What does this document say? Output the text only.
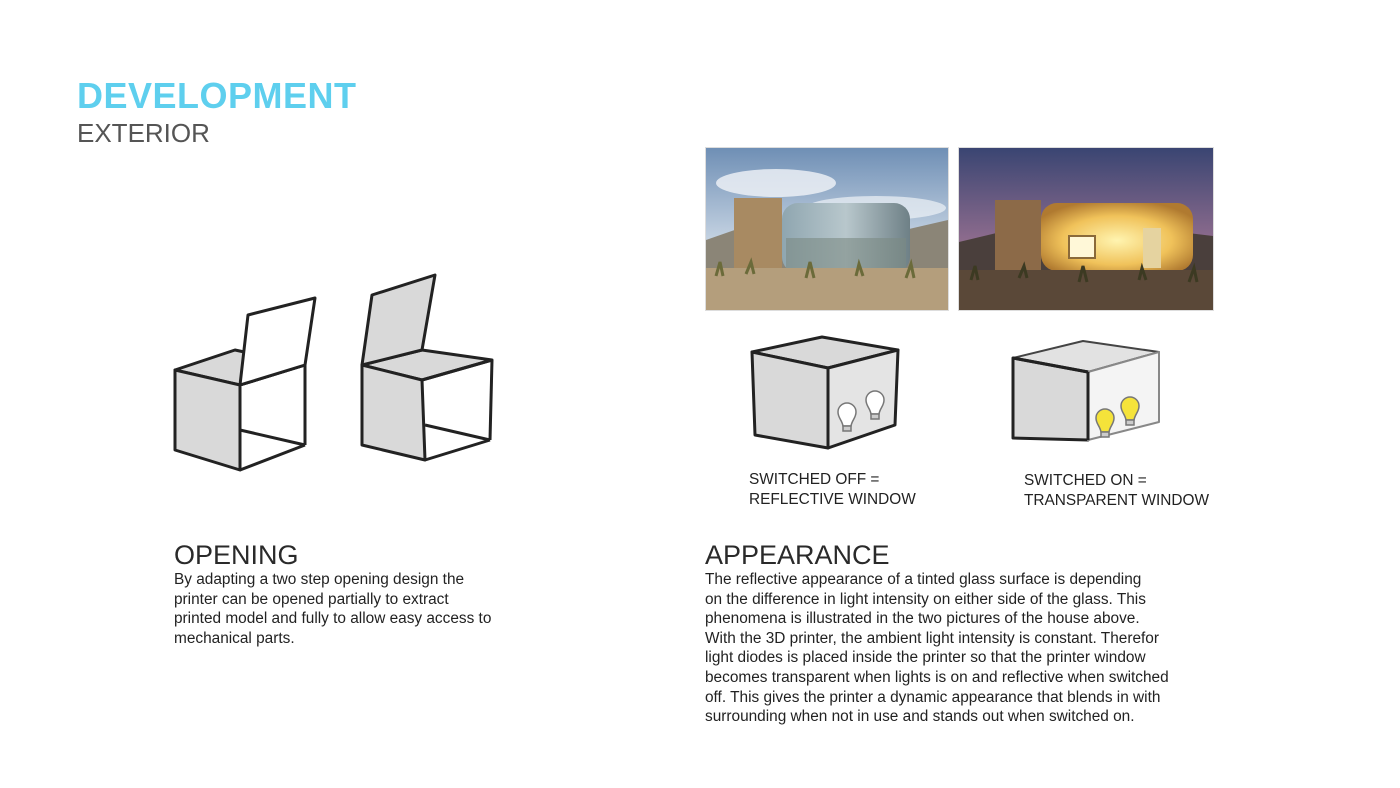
DEVELOPMENT
EXTERIOR
SWITCHED OFF =
REFLECTIVE WINDOW
SWITCHED ON =
TRANSPARENT WINDOW
OPENING
By adapting a two step opening design the
printer can be opened partially to extract
printed model and fully to allow easy access to
mechanical parts.
APPEARANCE
The reflective appearance of a tinted glass surface is depending
on the difference in light intensity on either side of the glass. This
phenomena is illustrated in the two pictures of the house above.
With the 3D printer, the ambient light intensity is constant. Therefor
light diodes is placed inside the printer so that the printer window
becomes transparent when lights is on and reflective when switched
off. This gives the printer a dynamic appearance that blends in with
surrounding when not in use and stands out when switched on.
